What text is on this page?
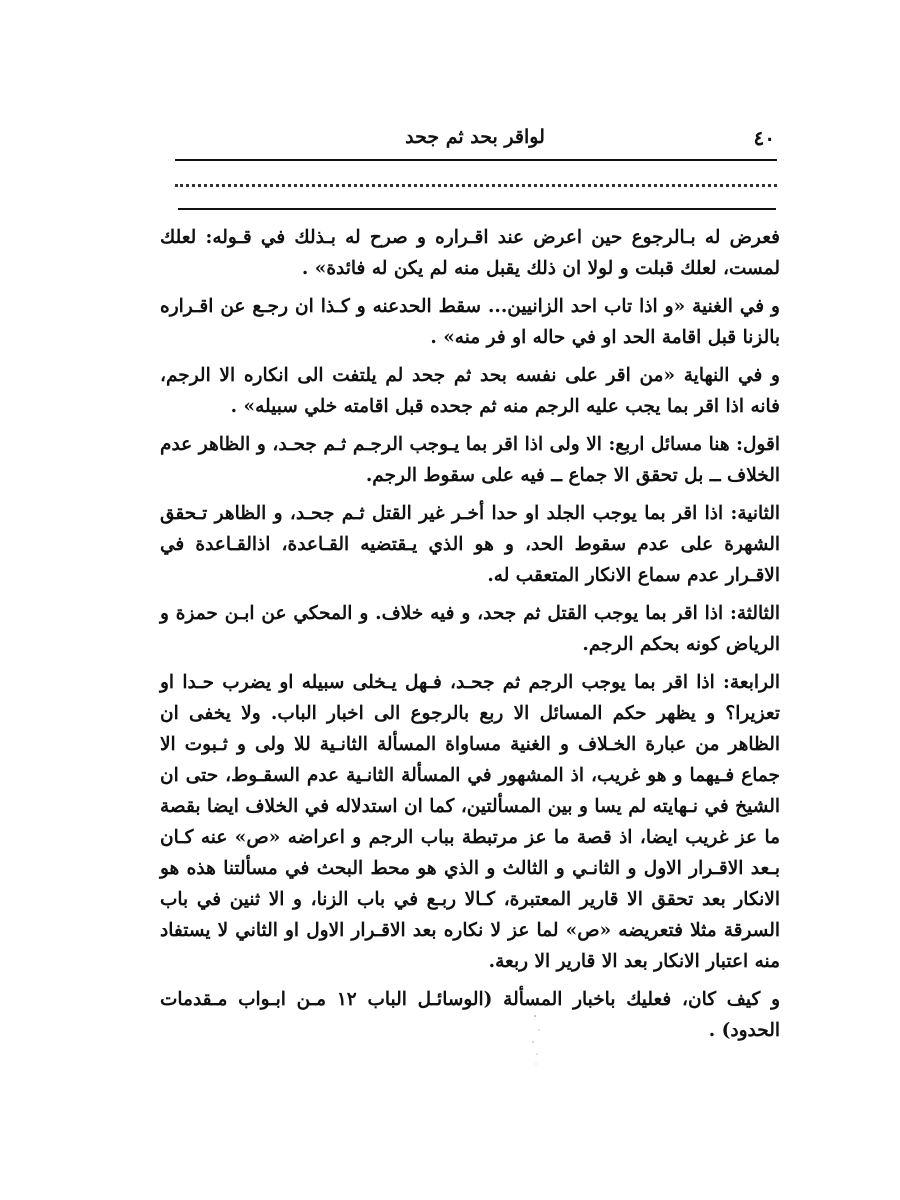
٤٠
لواقر بحد ثم جحد

فعرض له بـالرجوع حين اعرض عند اقـراره و صرح له بـذلك في قـوله: لعلك لمست، لعلك قبلت و لولا ان ذلك يقبل منه لم يكن له فائدة» .

و في الغنية «و اذا تاب احد الزانيين... سقط الحدعنه و كـذا ان رجـع عن اقـراره بالزنا قبل اقامة الحد او في حاله او فر منه» .

و في النهاية «من اقر على نفسه بحد ثم جحد لم يلتفت الى انكاره الا الرجم، فانه اذا اقر بما يجب عليه الرجم منه ثم جحده قبل اقامته خلي سبيله» .

اقول: هنا مسائل اربع: الا ولى اذا اقر بما يـوجب الرجـم ثـم جحـد، و الظاهر عدم الخلاف ــ بل تحقق الا جماع ــ فيه على سقوط الرجم.

الثانية: اذا اقر بما يوجب الجلد او حدا أخـر غير القتل ثـم جحـد، و الظاهر تـحقق الشهرة على عدم سقوط الحد، و هو الذي يـقتضيه القـاعدة، اذالقـاعدة في الاقـرار عدم سماع الانكار المتعقب له.

الثالثة: اذا اقر بما يوجب القتل ثم جحد، و فيه خلاف. و المحكي عن ابـن حمزة و الرياض كونه بحكم الرجم.

الرابعة: اذا اقر بما يوجب الرجم ثم جحـد، فـهل يـخلى سبيله او يضرب حـدا او تعزيرا؟ و يظهر حكم المسائل الا ربع بالرجوع الى اخبار الباب. ولا يخفى ان الظاهر من عبارة الخـلاف و الغنية مساواة المسألة الثانـية للا ولى و ثـبوت الا جماع فـيهما و هو غريب، اذ المشهور في المسألة الثانـية عدم السقـوط، حتى ان الشيخ في نـهايته لم يسا و بين المسألتين، كما ان استدلاله في الخلاف ايضا بقصة ما عز غريب ايضا، اذ قصة ما عز مرتبطة بباب الرجم و اعراضه «ص» عنه كـان بـعد الاقـرار الاول و الثانـي و الثالث و الذي هو محط البحث في مسألتنا هذه هو الانكار بعد تحقق الا قارير المعتبرة، كـالا ربـع في باب الزنا، و الا ثنين في باب السرقة مثلا فتعريضه «ص» لما عز لا نكاره بعد الاقـرار الاول او الثاني لا يستفاد منه اعتبار الانكار بعد الا قارير الا ربعة.

و كيف كان، فعليك باخبار المسألة (الوسائـل الباب ١٢ مـن ابـواب مـقدمات الحدود) .
